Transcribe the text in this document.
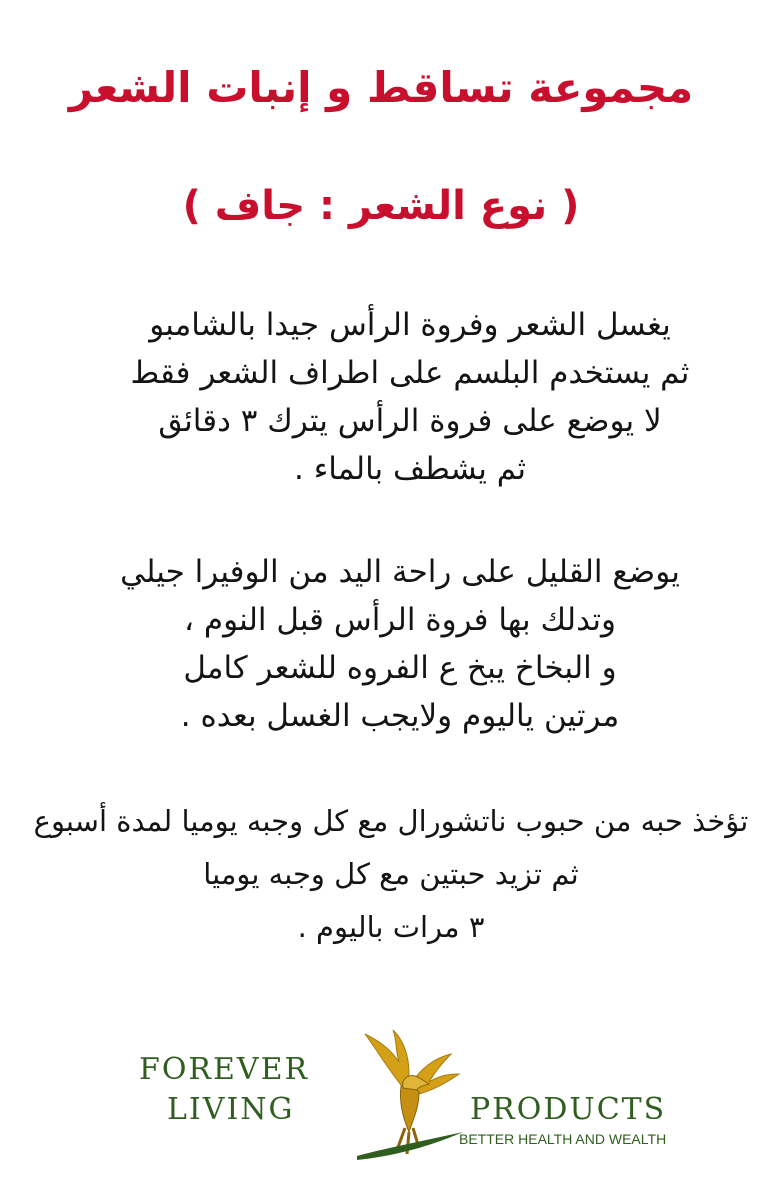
مجموعة تساقط و إنبات الشعر
( نوع الشعر : جاف )
يغسل الشعر وفروة الرأس جيدا بالشامبو
ثم يستخدم البلسم على اطراف الشعر فقط
لا يوضع على فروة الرأس يترك ٣ دقائق
ثم يشطف بالماء .
يوضع القليل على راحة اليد من الوفيرا جيلي
وتدلك بها فروة الرأس قبل النوم ،
و البخاخ يبخ ع الفروه للشعر كامل
مرتين ياليوم ولايجب الغسل بعده .
تؤخذ حبه من حبوب ناتشورال مع كل وجبه يوميا لمدة أسبوع
ثم تزيد حبتين مع كل وجبه يوميا
٣ مرات باليوم .
FOREVER
LIVING	PRODUCTS
BETTER HEALTH AND WEALTH
